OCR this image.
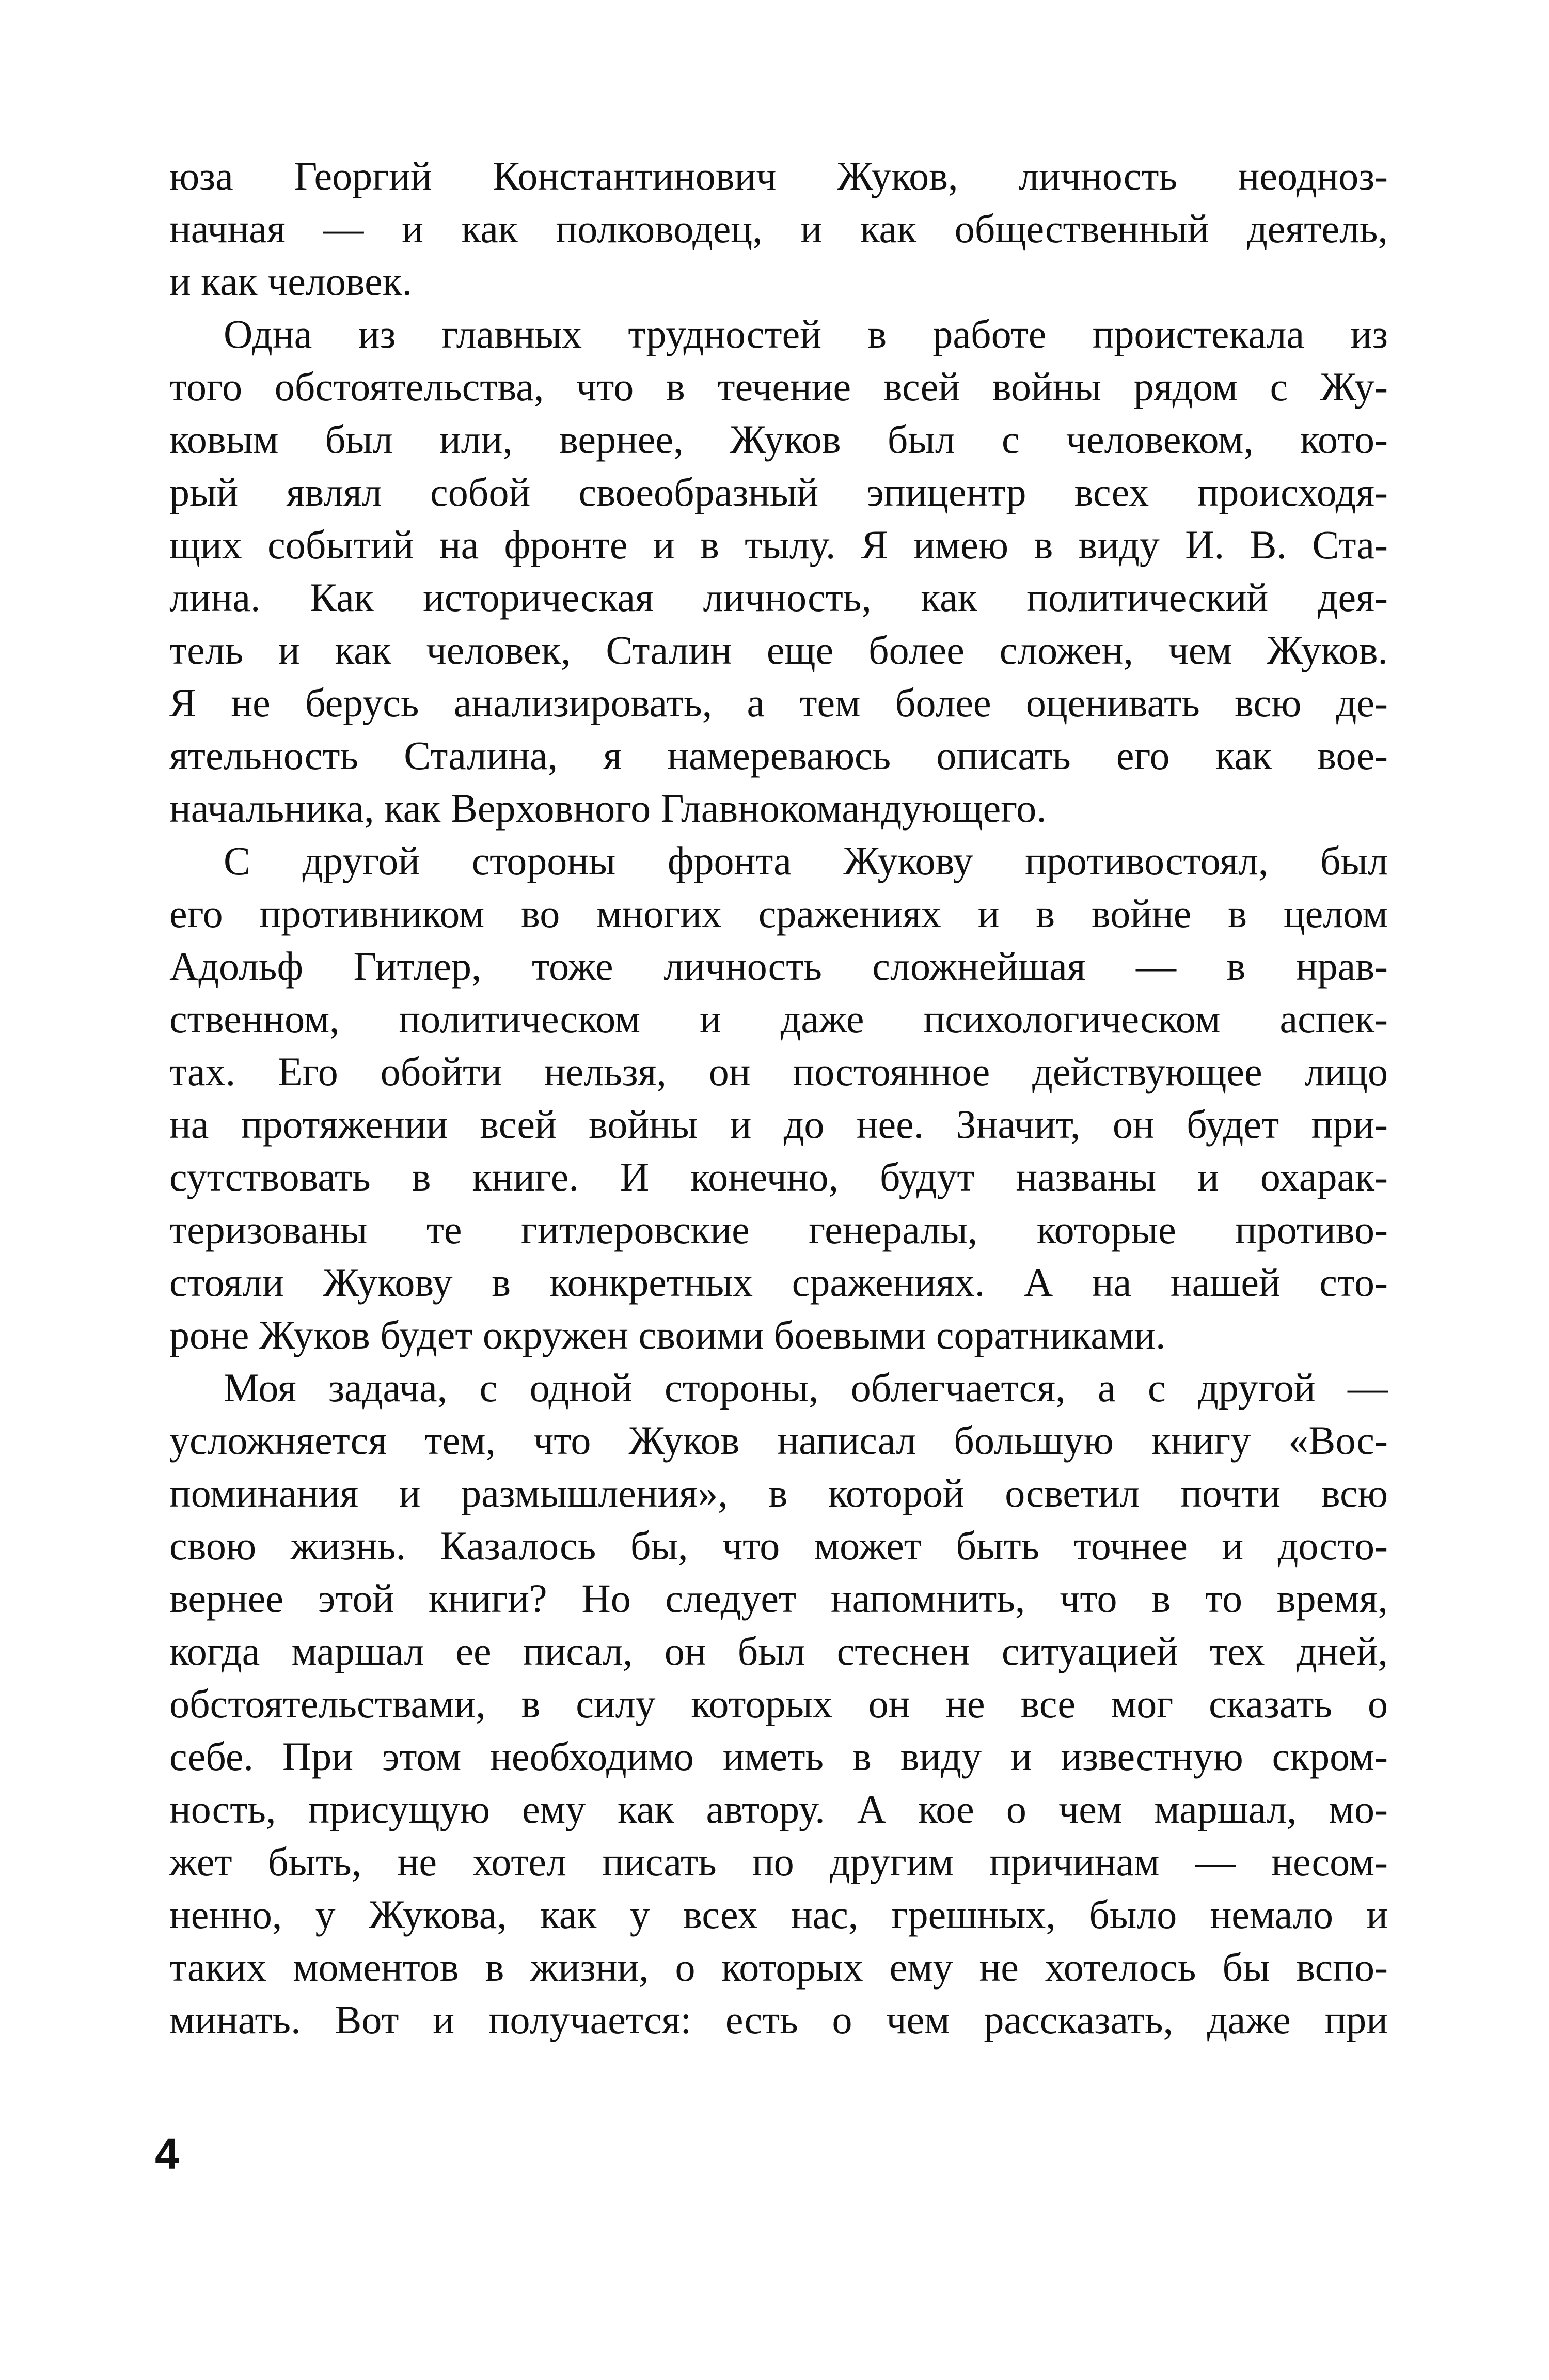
юза Георгий Константинович Жуков, личность неодноз-
начная — и как полководец, и как общественный деятель,
и как человек.
Одна из главных трудностей в работе проистекала из
того обстоятельства, что в течение всей войны рядом с Жу-
ковым был или, вернее, Жуков был с человеком, кото-
рый являл собой своеобразный эпицентр всех происходя-
щих событий на фронте и в тылу. Я имею в виду И. В. Ста-
лина. Как историческая личность, как политический дея-
тель и как человек, Сталин еще более сложен, чем Жуков.
Я не берусь анализировать, а тем более оценивать всю де-
ятельность Сталина, я намереваюсь описать его как вое-
начальника, как Верховного Главнокомандующего.
С другой стороны фронта Жукову противостоял, был
его противником во многих сражениях и в войне в целом
Адольф Гитлер, тоже личность сложнейшая — в нрав-
ственном, политическом и даже психологическом аспек-
тах. Его обойти нельзя, он постоянное действующее лицо
на протяжении всей войны и до нее. Значит, он будет при-
сутствовать в книге. И конечно, будут названы и охарак-
теризованы те гитлеровские генералы, которые противо-
стояли Жукову в конкретных сражениях. А на нашей сто-
роне Жуков будет окружен своими боевыми соратниками.
Моя задача, с одной стороны, облегчается, а с другой —
усложняется тем, что Жуков написал большую книгу «Вос-
поминания и размышления», в которой осветил почти всю
свою жизнь. Казалось бы, что может быть точнее и досто-
вернее этой книги? Но следует напомнить, что в то время,
когда маршал ее писал, он был стеснен ситуацией тех дней,
обстоятельствами, в силу которых он не все мог сказать о
себе. При этом необходимо иметь в виду и известную скром-
ность, присущую ему как автору. А кое о чем маршал, мо-
жет быть, не хотел писать по другим причинам — несом-
ненно, у Жукова, как у всех нас, грешных, было немало и
таких моментов в жизни, о которых ему не хотелось бы вспо-
минать. Вот и получается: есть о чем рассказать, даже при
4
